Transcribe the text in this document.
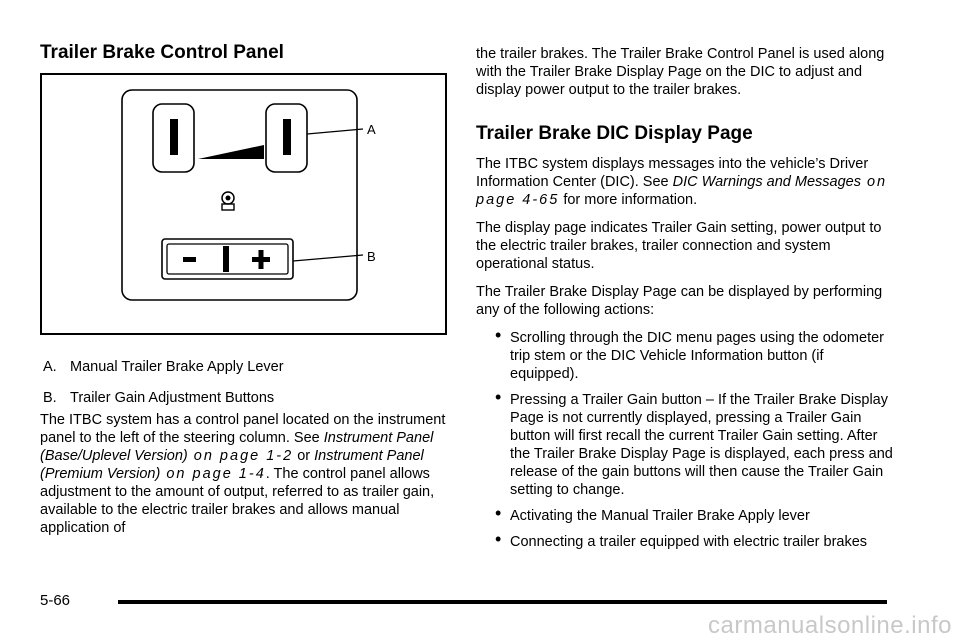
Trailer Brake Control Panel
A
B
A. Manual Trailer Brake Apply Lever
B. Trailer Gain Adjustment Buttons

The ITBC system has a control panel located on the instrument panel to the left of the steering column. See Instrument Panel (Base/Uplevel Version) on page 1‑2 or Instrument Panel (Premium Version) on page 1‑4. The control panel allows adjustment to the amount of output, referred to as trailer gain, available to the electric trailer brakes and allows manual application of

the trailer brakes. The Trailer Brake Control Panel is used along with the Trailer Brake Display Page on the DIC to adjust and display power output to the trailer brakes.

Trailer Brake DIC Display Page

The ITBC system displays messages into the vehicle’s Driver Information Center (DIC). See DIC Warnings and Messages on page 4‑65 for more information.

The display page indicates Trailer Gain setting, power output to the electric trailer brakes, trailer connection and system operational status.

The Trailer Brake Display Page can be displayed by performing any of the following actions:

• Scrolling through the DIC menu pages using the odometer trip stem or the DIC Vehicle Information button (if equipped).
• Pressing a Trailer Gain button – If the Trailer Brake Display Page is not currently displayed, pressing a Trailer Gain button will first recall the current Trailer Gain setting. After the Trailer Brake Display Page is displayed, each press and release of the gain buttons will then cause the Trailer Gain setting to change.
• Activating the Manual Trailer Brake Apply lever
• Connecting a trailer equipped with electric trailer brakes
5-66
carmanualsonline.info
